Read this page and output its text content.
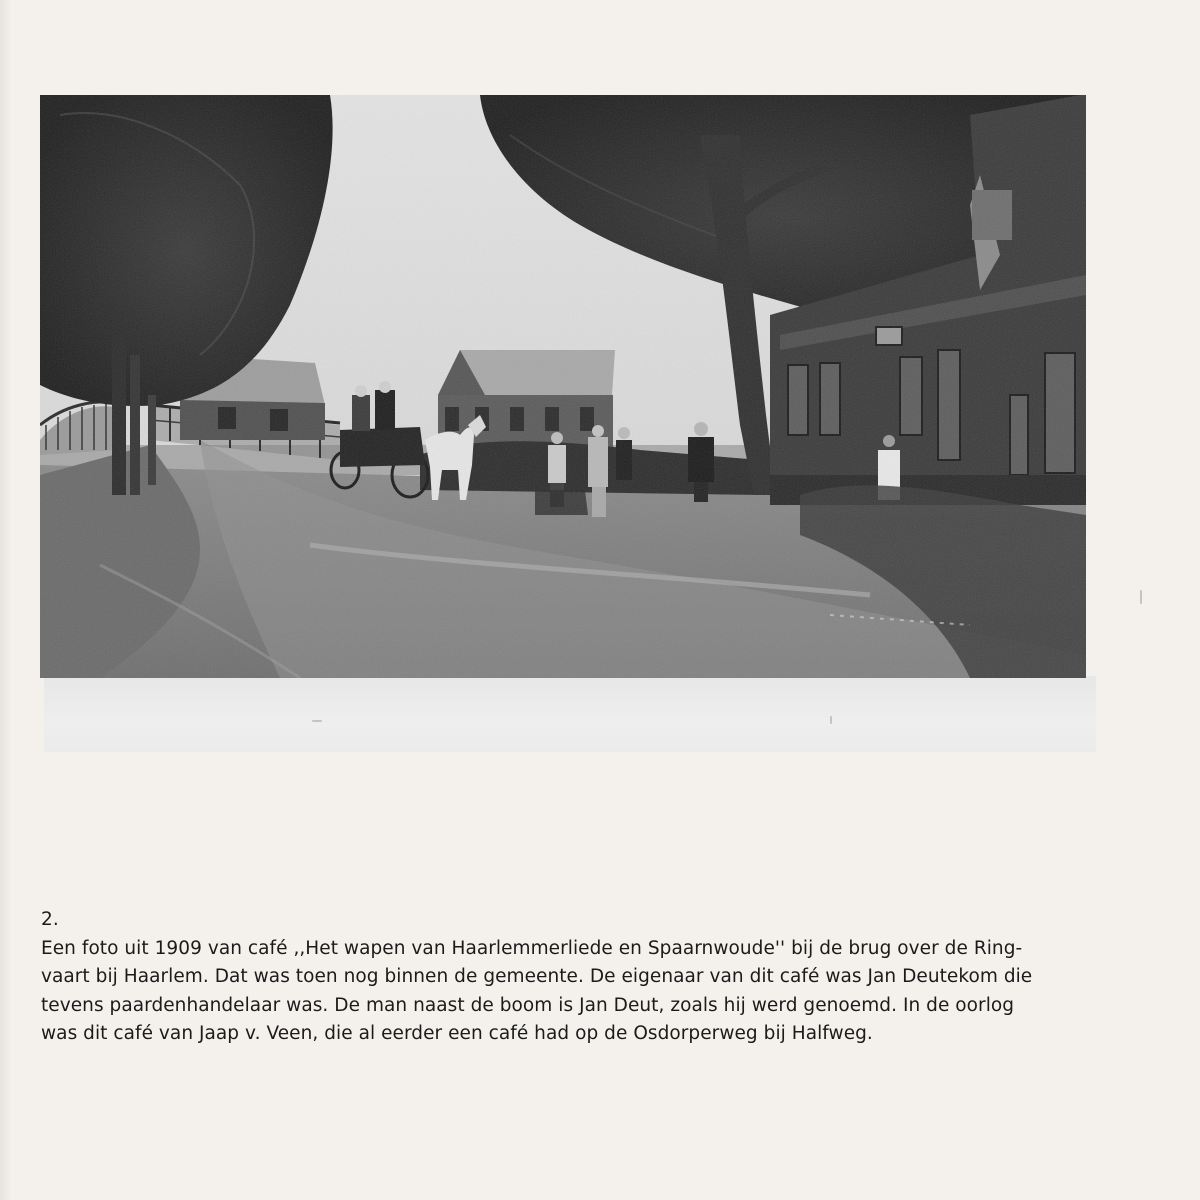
2.
Een foto uit 1909 van café ,,Het wapen van Haarlemmerliede en Spaarnwoude'' bij de brug over de Ring-
vaart bij Haarlem. Dat was toen nog binnen de gemeente. De eigenaar van dit café was Jan Deutekom die
tevens paardenhandelaar was. De man naast de boom is Jan Deut, zoals hij werd genoemd. In de oorlog
was dit café van Jaap v. Veen, die al eerder een café had op de Osdorperweg bij Halfweg.
